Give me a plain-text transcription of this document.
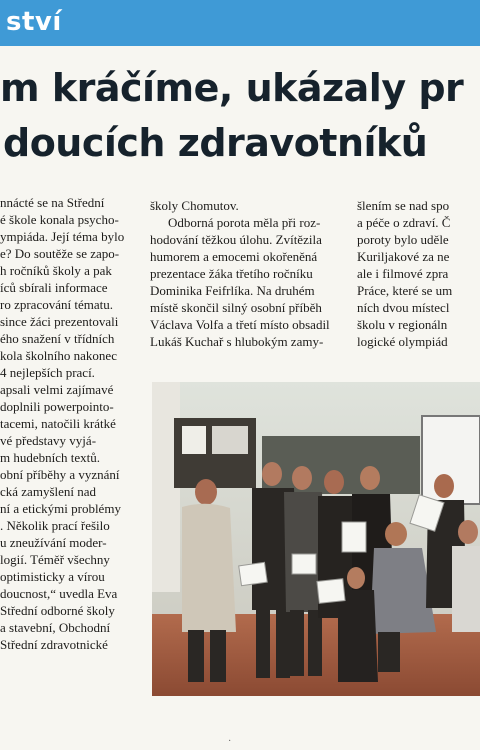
ství
m kráčíme, ukázaly pr
doucích zdravotníků

nnácté se na Střední

é škole konala psycho-

ympiáda. Její téma bylo

e? Do soutěže se zapo-

h ročníků školy a pak

íců sbírali informace

ro zpracování tématu.

since žáci prezentovali

ého snažení v třídních

kola školního nakonec

4 nejlepších prací.

apsali velmi zajímavé

doplnili powerpointo-

tacemi, natočili krátké

vé představy vyjá-

m hudebních textů.

obní příběhy a vyznání

cká zamyšlení nad

ní a etickými problémy

. Několik prací řešilo

u zneužívání moder-

logií. Téměř všechny

optimisticky a vírou

doucnost,“ uvedla Eva

Střední odborné školy

a stavební, Obchodní

Střední zdravotnické

školy Chomutov.

Odborná porota měla při roz-

hodování těžkou úlohu. Zvítězila

humorem a emocemi okořeněná

prezentace žáka třetího ročníku

Dominika Feifrlíka. Na druhém

místě skončil silný osobní příběh

Václava Volfa a třetí místo obsadil

Lukáš Kuchař s hlubokým zamy-

šlením se nad spo

a péče o zdraví. Č

poroty bylo uděle

Kuriljakové za ne

ale i filmové zpra

Práce, které se um

ních dvou místecl

školu v regionáln

logické olympiád

·
